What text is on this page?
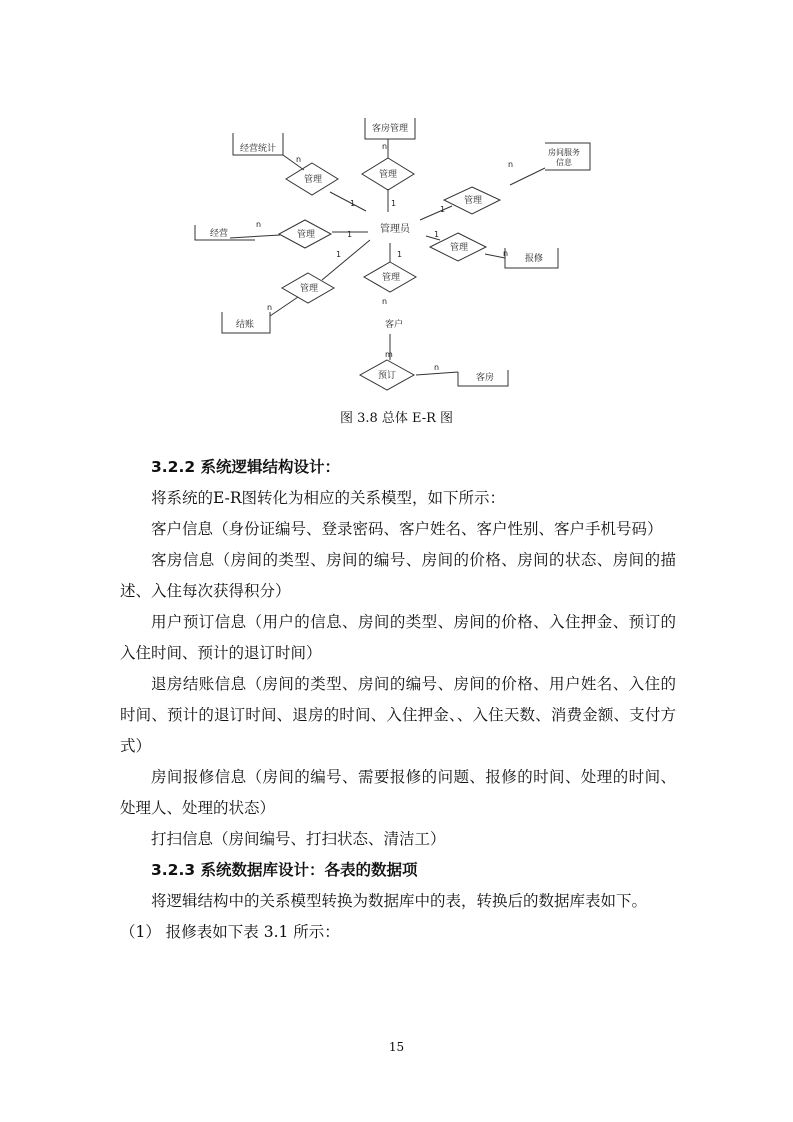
管理员
客房管理
经营统计	房间服务
信息
经营
报修
结账	客户
客房
管理
管理
管理
管理
管理
管理
管理
预订
n
1
n
1
n
1
n
1	1
n
1
n
1
n
m
n
图 3.8 总体 E-R 图

3.2.2 系统逻辑结构设计：

将系统的E-R图转化为相应的关系模型，如下所示：

客户信息（身份证编号、登录密码、客户姓名、客户性别、客户手机号码）

客房信息（房间的类型、房间的编号、房间的价格、房间的状态、房间的描述、入住每次获得积分）

用户预订信息（用户的信息、房间的类型、房间的价格、入住押金、预订的入住时间、预计的退订时间）

退房结账信息（房间的类型、房间的编号、房间的价格、用户姓名、入住的时间、预计的退订时间、退房的时间、入住押金、、入住天数、消费金额、支付方式）

房间报修信息（房间的编号、需要报修的问题、报修的时间、处理的时间、处理人、处理的状态）

打扫信息（房间编号、打扫状态、清洁工）

3.2.3 系统数据库设计：各表的数据项

将逻辑结构中的关系模型转换为数据库中的表，转换后的数据库表如下。

（1） 报修表如下表 3.1 所示：

15
